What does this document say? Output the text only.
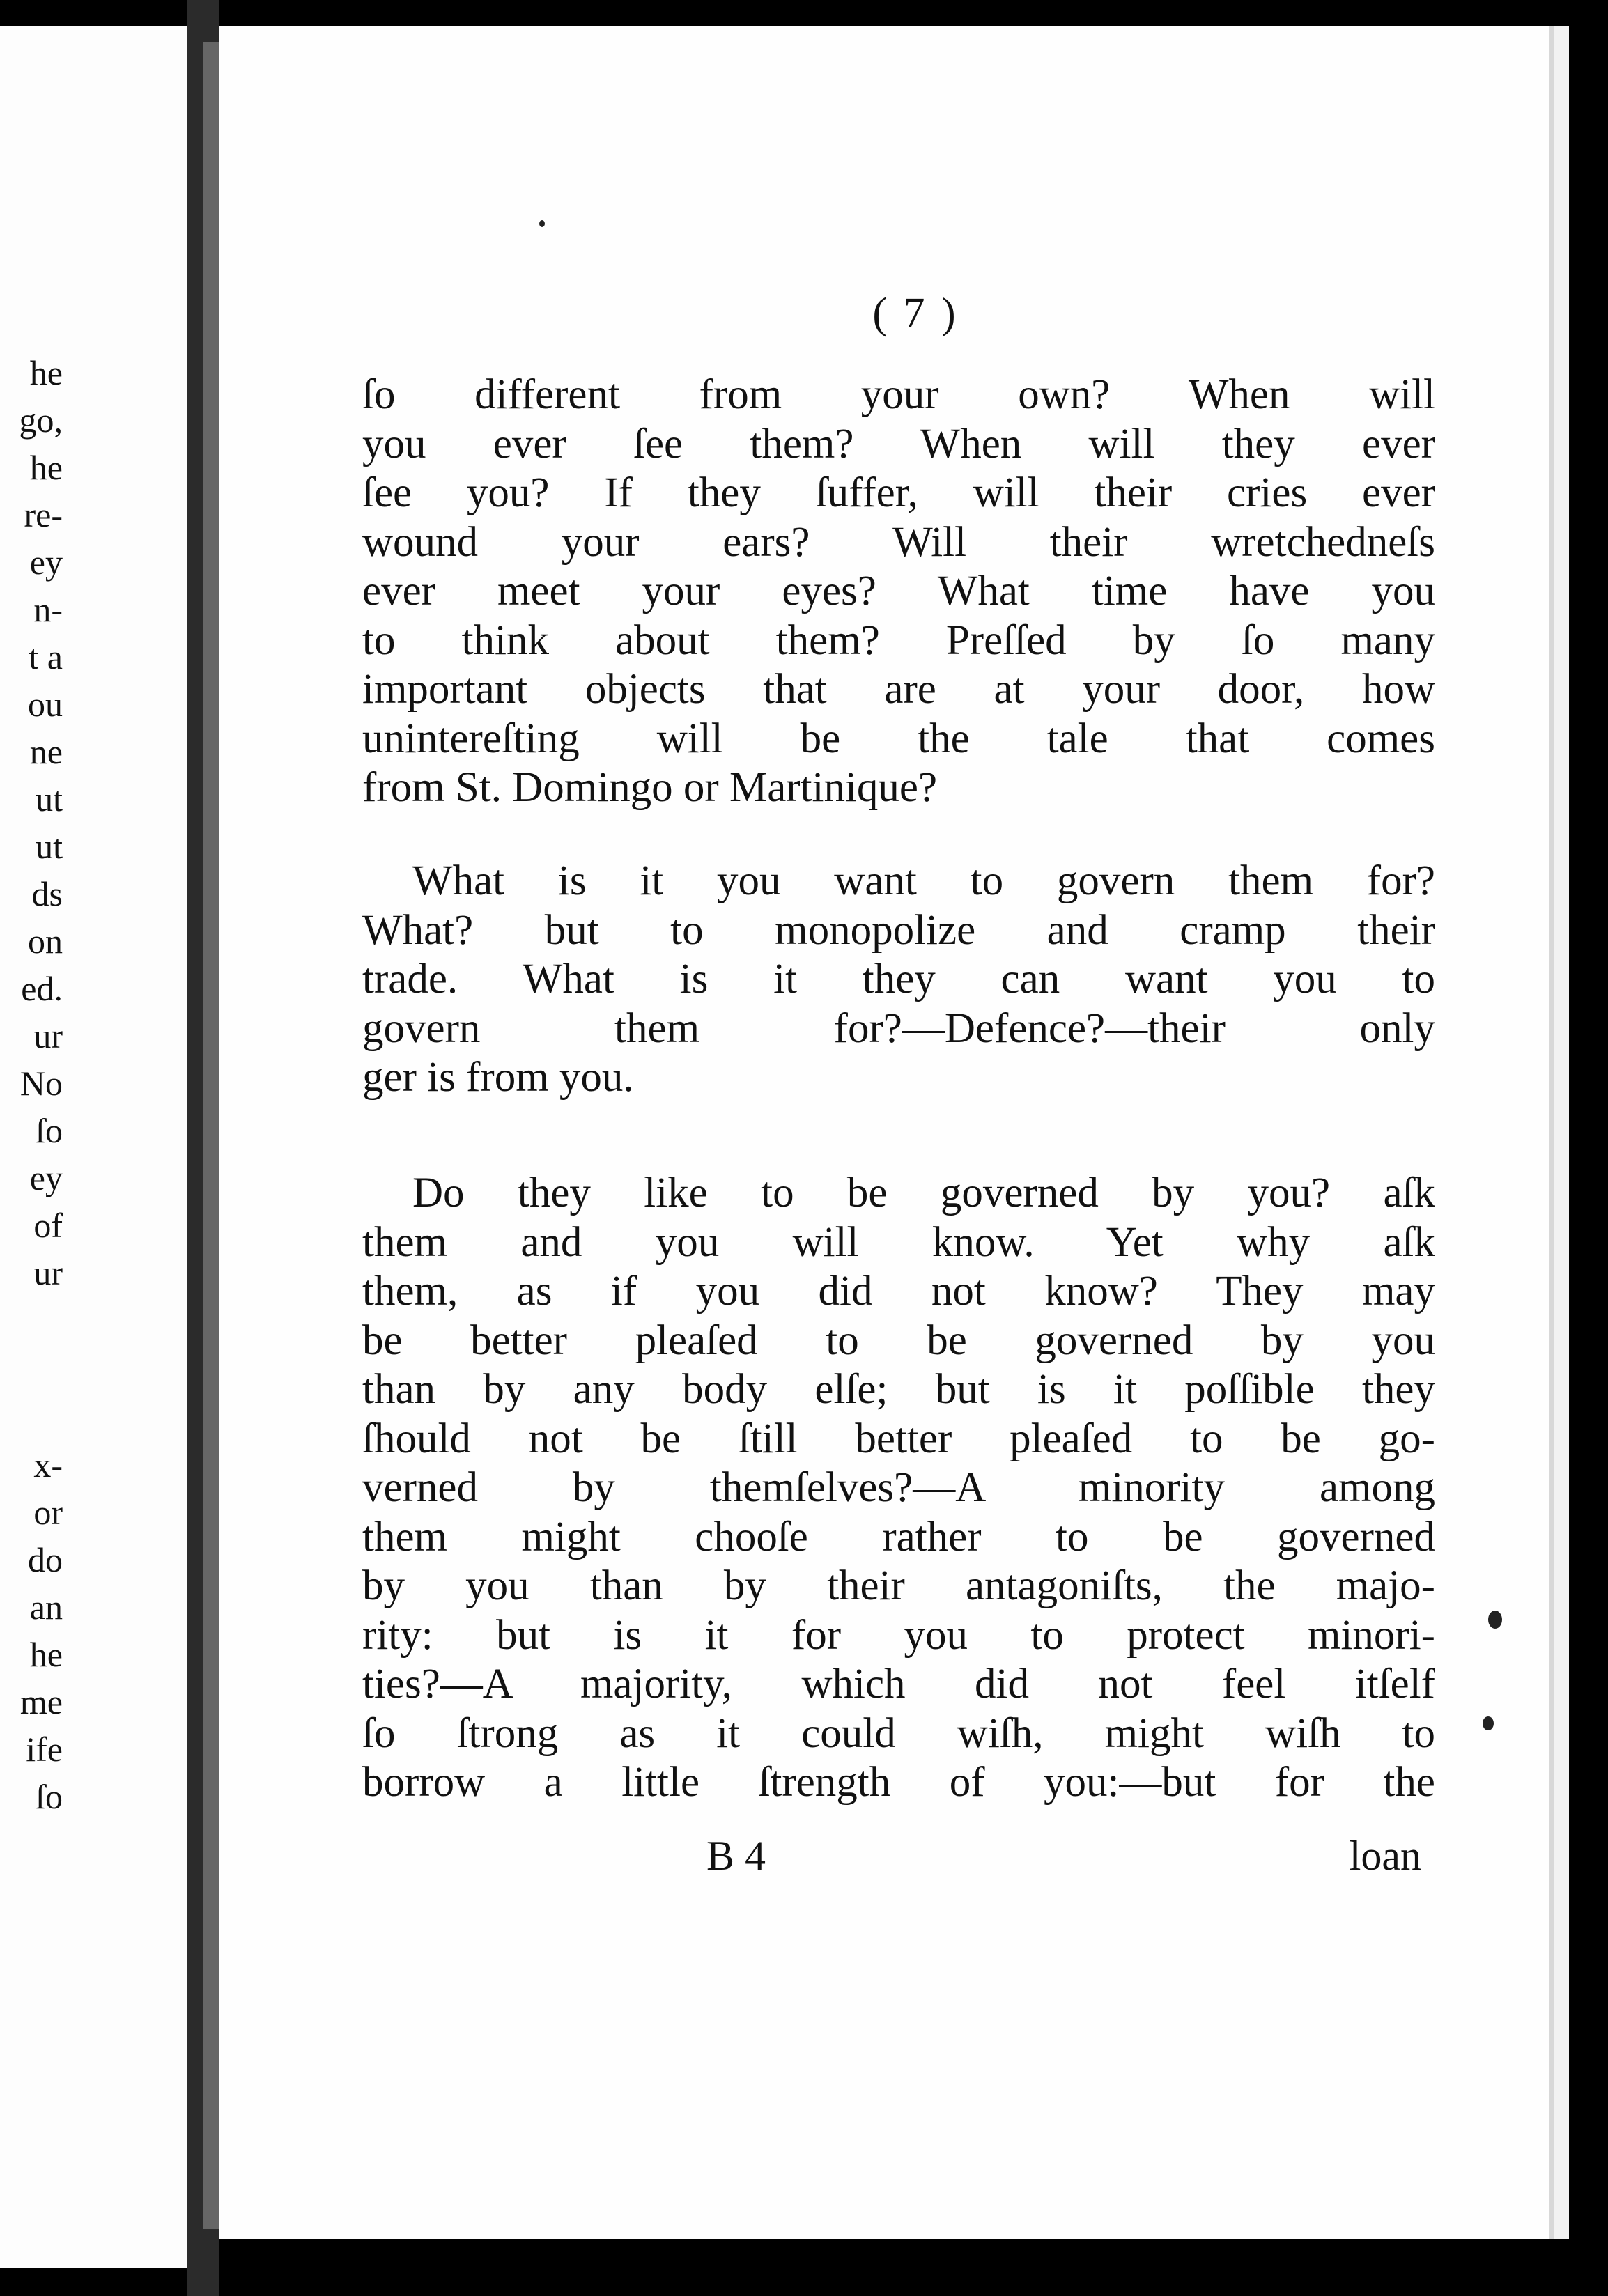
he
go,
he
re-
ey
n-
t a
ou
ne
ut
ut
ds
on
ed.
ur
No
ſo
ey
of
ur
x-
or
do
an
he
me
ife
ſo
( 7 )
ſo different from your own? When will
you ever ſee them? When will they ever
ſee you? If they ſuffer, will their cries ever
wound your ears? Will their wretchedneſs
ever meet your eyes? What time have you
to think about them? Preſſed by ſo many
important objects that are at your door, how
unintereſting will be the tale that comes
from St. Domingo or Martinique?
What is it you want to govern them for?
What? but to monopolize and cramp their
trade. What is it they can want you to
govern them for?—Defence?—their only
ger is from you.
Do they like to be governed by you? aſk
them and you will know. Yet why aſk
them, as if you did not know? They may
be better pleaſed to be governed by you
than by any body elſe; but is it poſſible they
ſhould not be ſtill better pleaſed to be go-
verned by themſelves?—A minority among
them might chooſe rather to be governed
by you than by their antagoniſts, the majo-
rity: but is it for you to protect minori-
ties?—A majority, which did not feel itſelf
ſo ſtrong as it could wiſh, might wiſh to
borrow a little ſtrength of you:—but for the
B 4	loan
